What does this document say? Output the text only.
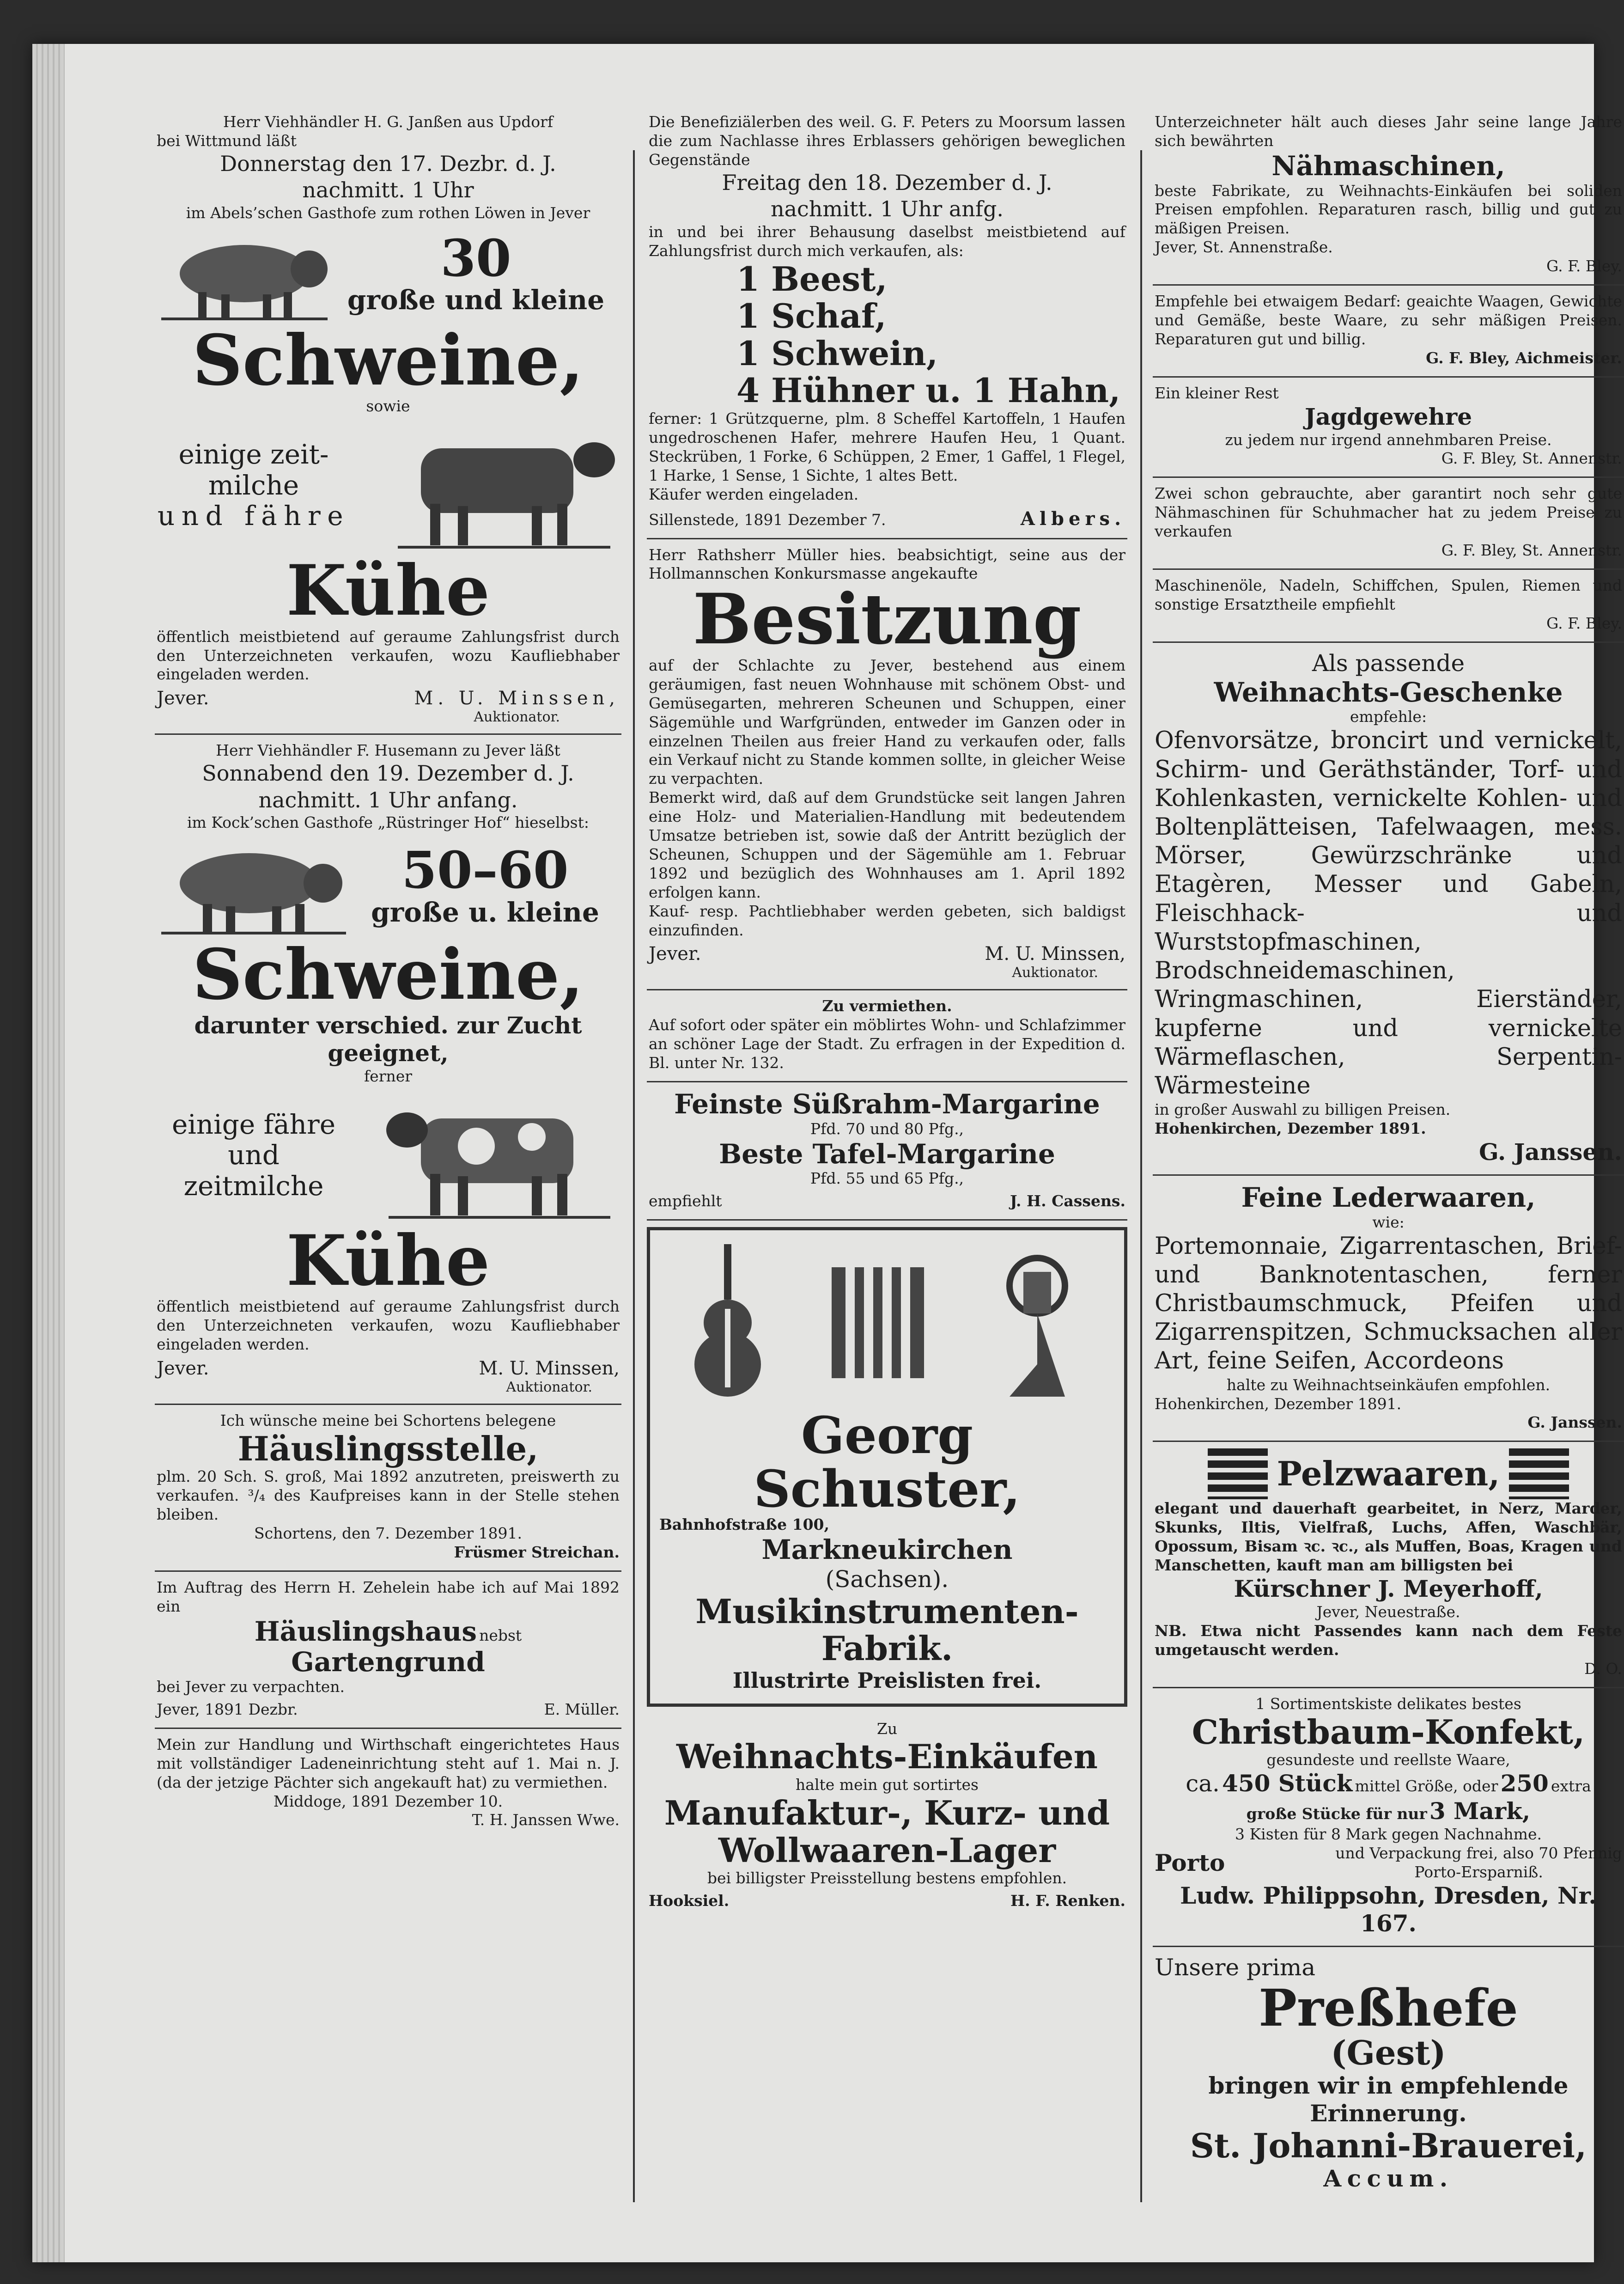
Herr Viehhändler H. G. Janßen aus Updorf
bei Wittmund läßt
Donnerstag den 17. Dezbr. d. J.
nachmitt. 1 Uhr
im Abels’schen Gasthofe zum rothen Löwen in Jever
30
große und kleine
Schweine,
sowie
einige zeit-
milche
und fähre
Kühe
öffentlich meistbietend auf geraume Zahlungsfrist durch den Unterzeichneten verkaufen, wozu Kaufliebhaber eingeladen werden.
Jever.	M. U. Minssen,
Auktionator.
Herr Viehhändler F. Husemann zu Jever läßt
Sonnabend den 19. Dezember d. J.
nachmitt. 1 Uhr anfang.
im Kock’schen Gasthofe „Rüstringer Hof“ hieselbst:
50–60
große u. kleine
Schweine,
darunter verschied. zur Zucht geeignet,
ferner
einige fähre
und
zeitmilche
Kühe
öffentlich meistbietend auf geraume Zahlungsfrist durch den Unterzeichneten verkaufen, wozu Kaufliebhaber eingeladen werden.
Jever.	M. U. Minssen,
Auktionator.
Ich wünsche meine bei Schortens belegene
Häuslingsstelle,
plm. 20 Sch. S. groß, Mai 1892 anzutreten, preiswerth zu verkaufen. ³/₄ des Kaufpreises kann in der Stelle stehen bleiben.
Schortens, den 7. Dezember 1891.
Früsmer Streichan.
Im Auftrag des Herrn H. Zehelein habe ich auf Mai 1892 ein
Häuslingshaus nebst Gartengrund
bei Jever zu verpachten.
Jever, 1891 Dezbr.	E. Müller.
Mein zur Handlung und Wirthschaft eingerichtetes Haus mit vollständiger Ladeneinrichtung steht auf 1. Mai n. J. (da der jetzige Pächter sich angekauft hat) zu vermiethen.
Middoge, 1891 Dezember 10.
T. H. Janssen Wwe.
Die Benefiziälerben des weil. G. F. Peters zu Moorsum lassen die zum Nachlasse ihres Erblassers gehörigen beweglichen Gegenstände
Freitag den 18. Dezember d. J.
nachmitt. 1 Uhr anfg.
in und bei ihrer Behausung daselbst meistbietend auf Zahlungsfrist durch mich verkaufen, als:
1 Beest,
1 Schaf,
1 Schwein,
4 Hühner u. 1 Hahn,
ferner: 1 Grützquerne, plm. 8 Scheffel Kartoffeln, 1 Haufen ungedroschenen Hafer, mehrere Haufen Heu, 1 Quant. Steckrüben, 1 Forke, 6 Schüppen, 2 Emer, 1 Gaffel, 1 Flegel, 1 Harke, 1 Sense, 1 Sichte, 1 altes Bett.
Käufer werden eingeladen.
Sillenstede, 1891 Dezember 7.	Albers.
Herr Rathsherr Müller hies. beabsichtigt, seine aus der Hollmannschen Konkursmasse angekaufte
Besitzung
auf der Schlachte zu Jever, bestehend aus einem geräumigen, fast neuen Wohnhause mit schönem Obst- und Gemüsegarten, mehreren Scheunen und Schuppen, einer Sägemühle und Warfgründen, entweder im Ganzen oder in einzelnen Theilen aus freier Hand zu verkaufen oder, falls ein Verkauf nicht zu Stande kommen sollte, in gleicher Weise zu verpachten.
Bemerkt wird, daß auf dem Grundstücke seit langen Jahren eine Holz- und Materialien-Handlung mit bedeutendem Umsatze betrieben ist, sowie daß der Antritt bezüglich der Scheunen, Schuppen und der Sägemühle am 1. Februar 1892 und bezüglich des Wohnhauses am 1. April 1892 erfolgen kann.
Kauf- resp. Pachtliebhaber werden gebeten, sich baldigst einzufinden.
Jever.	M. U. Minssen,
Auktionator.
Zu vermiethen.
Auf sofort oder später ein möblirtes Wohn- und Schlafzimmer an schöner Lage der Stadt. Zu erfragen in der Expedition d. Bl. unter Nr. 132.
Feinste Süßrahm-Margarine
Pfd. 70 und 80 Pfg.,
Beste Tafel-Margarine
Pfd. 55 und 65 Pfg.,
empfiehlt	J. H. Cassens.
Georg Schuster,
Bahnhofstraße 100,
Markneukirchen
(Sachsen).
Musikinstrumenten-
Fabrik.
Illustrirte Preislisten frei.
Zu
Weihnachts-Einkäufen
halte mein gut sortirtes
Manufaktur-, Kurz- und
Wollwaaren-Lager
bei billigster Preisstellung bestens empfohlen.
Hooksiel.	H. F. Renken.
Unterzeichneter hält auch dieses Jahr seine lange Jahre sich bewährten
Nähmaschinen,
beste Fabrikate, zu Weihnachts-Einkäufen bei soliden Preisen empfohlen. Reparaturen rasch, billig und gut zu mäßigen Preisen.
Jever, St. Annenstraße.
G. F. Bley.
Empfehle bei etwaigem Bedarf: geaichte Waagen, Gewichte und Gemäße, beste Waare, zu sehr mäßigen Preisen. Reparaturen gut und billig.
G. F. Bley, Aichmeister.
Ein kleiner Rest
Jagdgewehre
zu jedem nur irgend annehmbaren Preise.
G. F. Bley, St. Annenstr.
Zwei schon gebrauchte, aber garantirt noch sehr gute Nähmaschinen für Schuhmacher hat zu jedem Preise zu verkaufen
G. F. Bley, St. Annenstr.
Maschinenöle, Nadeln, Schiffchen, Spulen, Riemen und sonstige Ersatztheile empfiehlt
G. F. Bley.
Als passende
Weihnachts-Geschenke
empfehle:
Ofenvorsätze, broncirt und vernickelt, Schirm- und Geräthständer, Torf- und Kohlenkasten, vernickelte Kohlen- und Boltenplätteisen, Tafelwaagen, mess. Mörser, Gewürzschränke und Etagèren, Messer und Gabeln, Fleischhack- und Wurststopfmaschinen, Brodschneidemaschinen, Wringmaschinen, Eierständer, kupferne und vernickelte Wärmeflaschen, Serpentin-Wärmesteine
in großer Auswahl zu billigen Preisen.
Hohenkirchen, Dezember 1891.
G. Janssen.
Feine Lederwaaren,
wie:
Portemonnaie, Zigarrentaschen, Brief- und Banknotentaschen, ferner Christbaumschmuck, Pfeifen und Zigarrenspitzen, Schmucksachen aller Art, feine Seifen, Accordeons
halte zu Weihnachtseinkäufen empfohlen.
Hohenkirchen, Dezember 1891.
G. Janssen.
Pelzwaaren,
elegant und dauerhaft gearbeitet, in Nerz, Marder, Skunks, Iltis, Vielfraß, Luchs, Affen, Waschbär, Opossum, Bisam ꝛc. ꝛc., als Muffen, Boas, Kragen und Manschetten, kauft man am billigsten bei
Kürschner J. Meyerhoff,
Jever, Neuestraße.
NB. Etwa nicht Passendes kann nach dem Feste umgetauscht werden.
D. O.
1 Sortimentskiste delikates bestes
Christbaum-Konfekt,
gesundeste und reellste Waare,
ca. 450 Stück mittel Größe, oder 250 extra
große Stücke für nur 3 Mark,
3 Kisten für 8 Mark gegen Nachnahme.
Porto	und Verpackung frei, also 70 Pfennig
Porto-Ersparniß.
Ludw. Philippsohn, Dresden, Nr. 167.
Unsere prima
Preßhefe
(Gest)
bringen wir in empfehlende Erinnerung.
St. Johanni-Brauerei,
Accum.
